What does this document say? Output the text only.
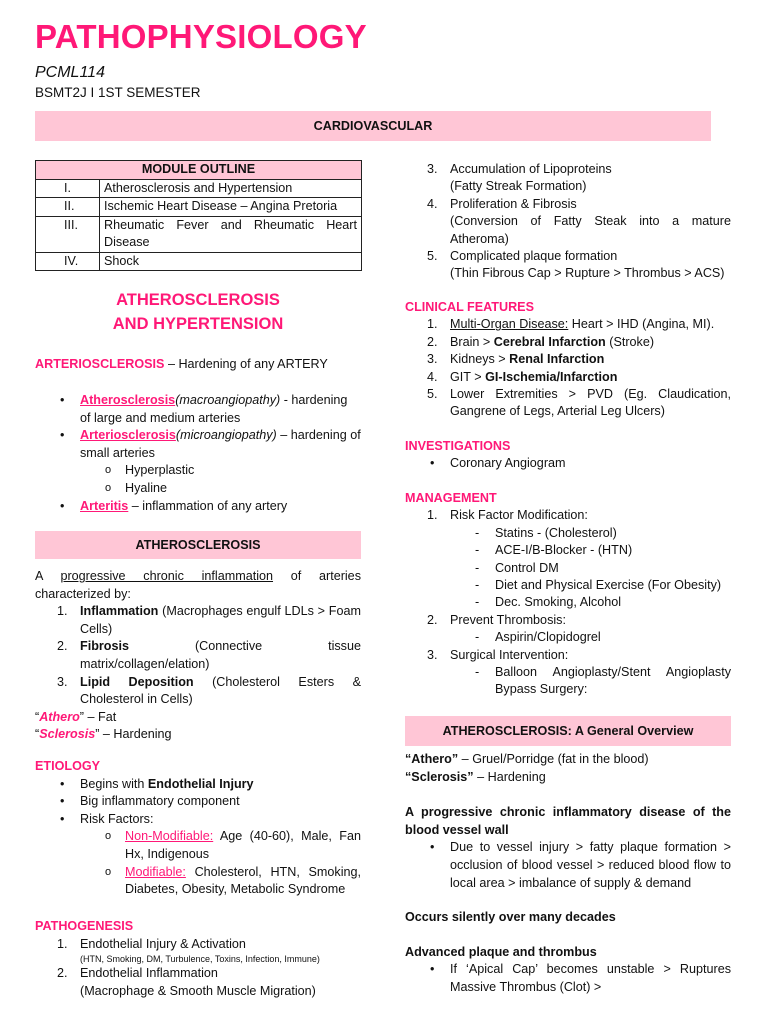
PATHOPHYSIOLOGY
PCML114
BSMT2J I 1ST SEMESTER
CARDIOVASCULAR
MODULE OUTLINE	
I.	Atherosclerosis and Hypertension
II.	Ischemic Heart Disease – Angina Pretoria
III.	Rheumatic Fever and Rheumatic Heart Disease
IV.	Shock
ATHEROSCLEROSIS
AND HYPERTENSION
ARTERIOSCLEROSIS – Hardening of any ARTERY
• Atherosclerosis(macroangiopathy) - hardening of large and medium arteries
• Arteriosclerosis(microangiopathy) – hardening of small arteries
o Hyperplastic
o Hyaline
• Arteritis – inflammation of any artery
ATHEROSCLEROSIS
A progressive chronic inflammation of arteries characterized by:
1. Inflammation (Macrophages engulf LDLs > Foam Cells)
2. Fibrosis (Connective tissue matrix/collagen/elation)
3. Lipid Deposition (Cholesterol Esters & Cholesterol in Cells)
“Athero” – Fat
“Sclerosis” – Hardening
ETIOLOGY
• Begins with Endothelial Injury
• Big inflammatory component
• Risk Factors:
o Non-Modifiable: Age (40-60), Male, Fan Hx, Indigenous
o Modifiable: Cholesterol, HTN, Smoking, Diabetes, Obesity, Metabolic Syndrome
PATHOGENESIS
1. Endothelial Injury & Activation
(HTN, Smoking, DM, Turbulence, Toxins, Infection, Immune)
2. Endothelial Inflammation
(Macrophage & Smooth Muscle Migration)
3. Accumulation of Lipoproteins
(Fatty Streak Formation)
4. Proliferation & Fibrosis
(Conversion of Fatty Steak into a mature Atheroma)
5. Complicated plaque formation
(Thin Fibrous Cap > Rupture > Thrombus > ACS)
CLINICAL FEATURES
1. Multi-Organ Disease: Heart > IHD (Angina, MI).
2. Brain > Cerebral Infarction (Stroke)
3. Kidneys > Renal Infarction
4. GIT > GI-Ischemia/Infarction
5. Lower Extremities > PVD (Eg. Claudication, Gangrene of Legs, Arterial Leg Ulcers)
INVESTIGATIONS
• Coronary Angiogram
MANAGEMENT
1. Risk Factor Modification:
- Statins - (Cholesterol)
- ACE-I/B-Blocker - (HTN)
- Control DM
- Diet and Physical Exercise (For Obesity)
- Dec. Smoking, Alcohol
2. Prevent Thrombosis:
- Aspirin/Clopidogrel
3. Surgical Intervention:
- Balloon Angioplasty/Stent Angioplasty Bypass Surgery:
ATHEROSCLEROSIS: A General Overview
“Athero” – Gruel/Porridge (fat in the blood)
“Sclerosis” – Hardening
A progressive chronic inflammatory disease of the blood vessel wall
• Due to vessel injury > fatty plaque formation > occlusion of blood vessel > reduced blood flow to local area > imbalance of supply & demand
Occurs silently over many decades
Advanced plaque and thrombus
• If ‘Apical Cap’ becomes unstable > Ruptures Massive Thrombus (Clot) >
